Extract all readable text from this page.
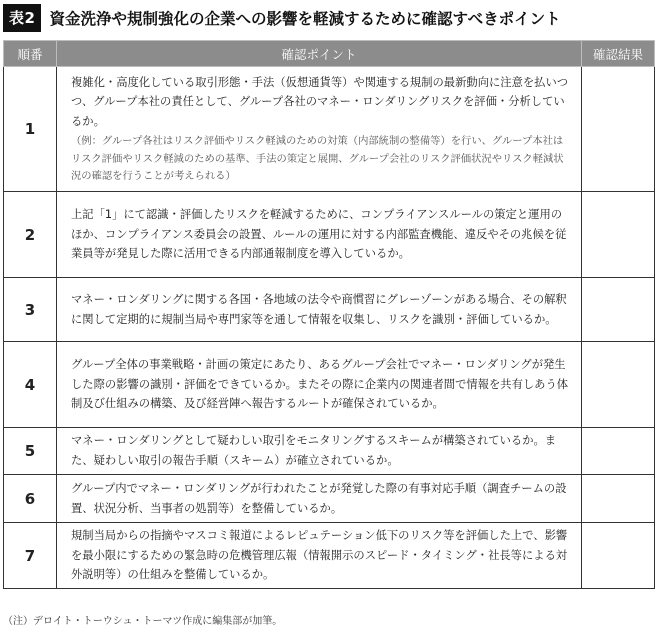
表2 資金洗浄や規制強化の企業への影響を軽減するために確認すべきポイント
順番	確認ポイント	確認結果
1	複雑化・高度化している取引形態・手法（仮想通貨等）や関連する規制の最新動向に注意を払いつつ、グループ本社の責任として、グループ各社のマネー・ロンダリングリスクを評価・分析しているか。
（例：グループ各社はリスク評価やリスク軽減のための対策（内部統制の整備等）を行い、グループ本社はリスク評価やリスク軽減のための基準、手法の策定と展開、グループ会社のリスク評価状況やリスク軽減状況の確認を行うことが考えられる）	

2	上記「1」にて認識・評価したリスクを軽減するために、コンプライアンスルールの策定と運用のほか、コンプライアンス委員会の設置、ルールの運用に対する内部監査機能、違反やその兆候を従業員等が発見した際に活用できる内部通報制度を導入しているか。	

3	マネー・ロンダリングに関する各国・各地域の法令や商慣習にグレーゾーンがある場合、その解釈に関して定期的に規制当局や専門家等を通して情報を収集し、リスクを識別・評価しているか。	

4	グループ全体の事業戦略・計画の策定にあたり、あるグループ会社でマネー・ロンダリングが発生した際の影響の識別・評価をできているか。またその際に企業内の関連者間で情報を共有しあう体制及び仕組みの構築、及び経営陣へ報告するルートが確保されているか。	

5	マネー・ロンダリングとして疑わしい取引をモニタリングするスキームが構築されているか。また、疑わしい取引の報告手順（スキーム）が確立されているか。	

6	グループ内でマネー・ロンダリングが行われたことが発覚した際の有事対応手順（調査チームの設置、状況分析、当事者の処罰等）を整備しているか。	

7	規制当局からの指摘やマスコミ報道によるレピュテーション低下のリスク等を評価した上で、影響を最小限にするための緊急時の危機管理広報（情報開示のスピード・タイミング・社長等による対外説明等）の仕組みを整備しているか。	

（注）デロイト・トーウシュ・トーマツ作成に編集部が加筆。
